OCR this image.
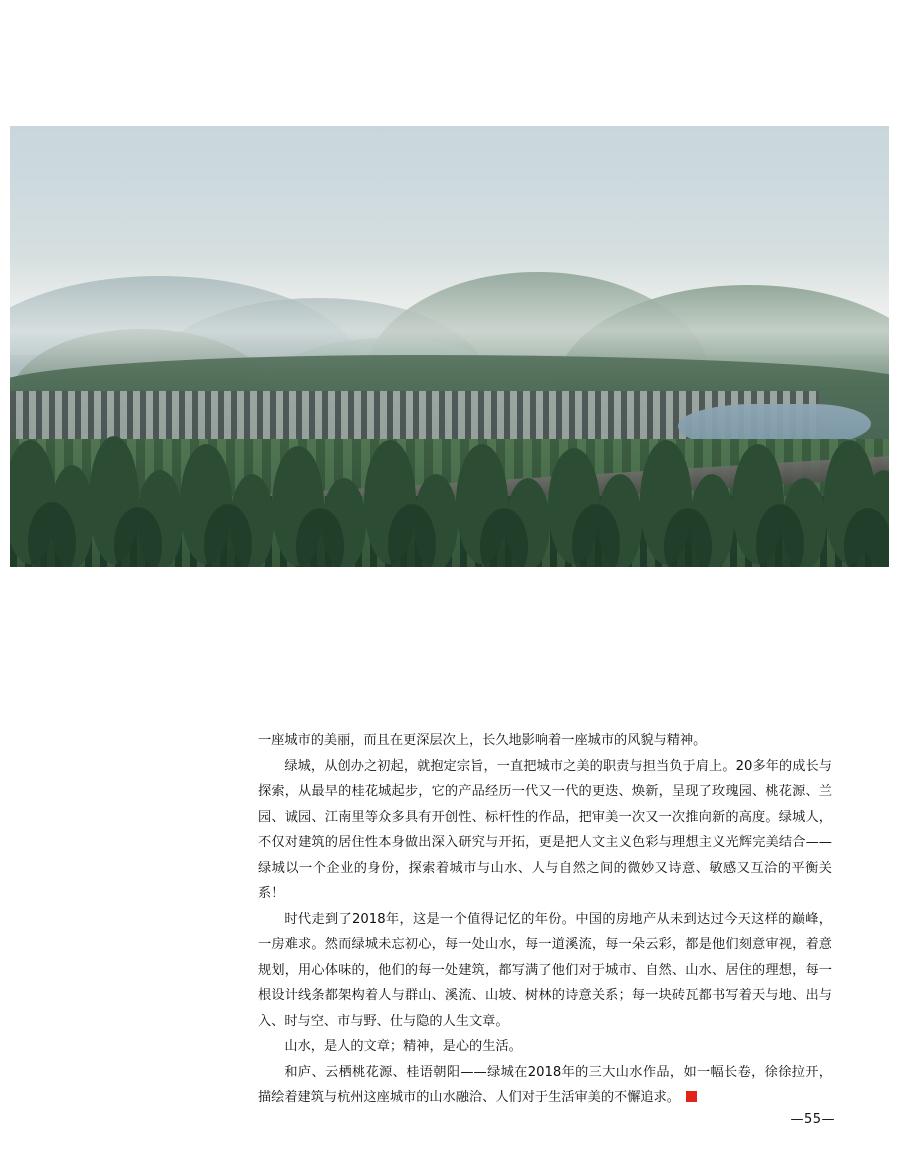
一座城市的美丽，而且在更深层次上，长久地影响着一座城市的风貌与精神。

绿城，从创办之初起，就抱定宗旨，一直把城市之美的职责与担当负于肩上。20多年的成长与探索，从最早的桂花城起步，它的产品经历一代又一代的更迭、焕新，呈现了玫瑰园、桃花源、兰园、诚园、江南里等众多具有开创性、标杆性的作品，把审美一次又一次推向新的高度。绿城人，不仅对建筑的居住性本身做出深入研究与开拓，更是把人文主义色彩与理想主义光辉完美结合——绿城以一个企业的身份，探索着城市与山水、人与自然之间的微妙又诗意、敏感又互洽的平衡关系！

时代走到了2018年，这是一个值得记忆的年份。中国的房地产从未到达过今天这样的巅峰，一房难求。然而绿城未忘初心，每一处山水，每一道溪流，每一朵云彩，都是他们刻意审视，着意规划，用心体味的，他们的每一处建筑，都写满了他们对于城市、自然、山水、居住的理想，每一根设计线条都架构着人与群山、溪流、山坡、树林的诗意关系；每一块砖瓦都书写着天与地、出与入、时与空、市与野、仕与隐的人生文章。

山水，是人的文章；精神，是心的生活。

和庐、云栖桃花源、桂语朝阳——绿城在2018年的三大山水作品，如一幅长卷，徐徐拉开，描绘着建筑与杭州这座城市的山水融洽、人们对于生活审美的不懈追求。

—55—
